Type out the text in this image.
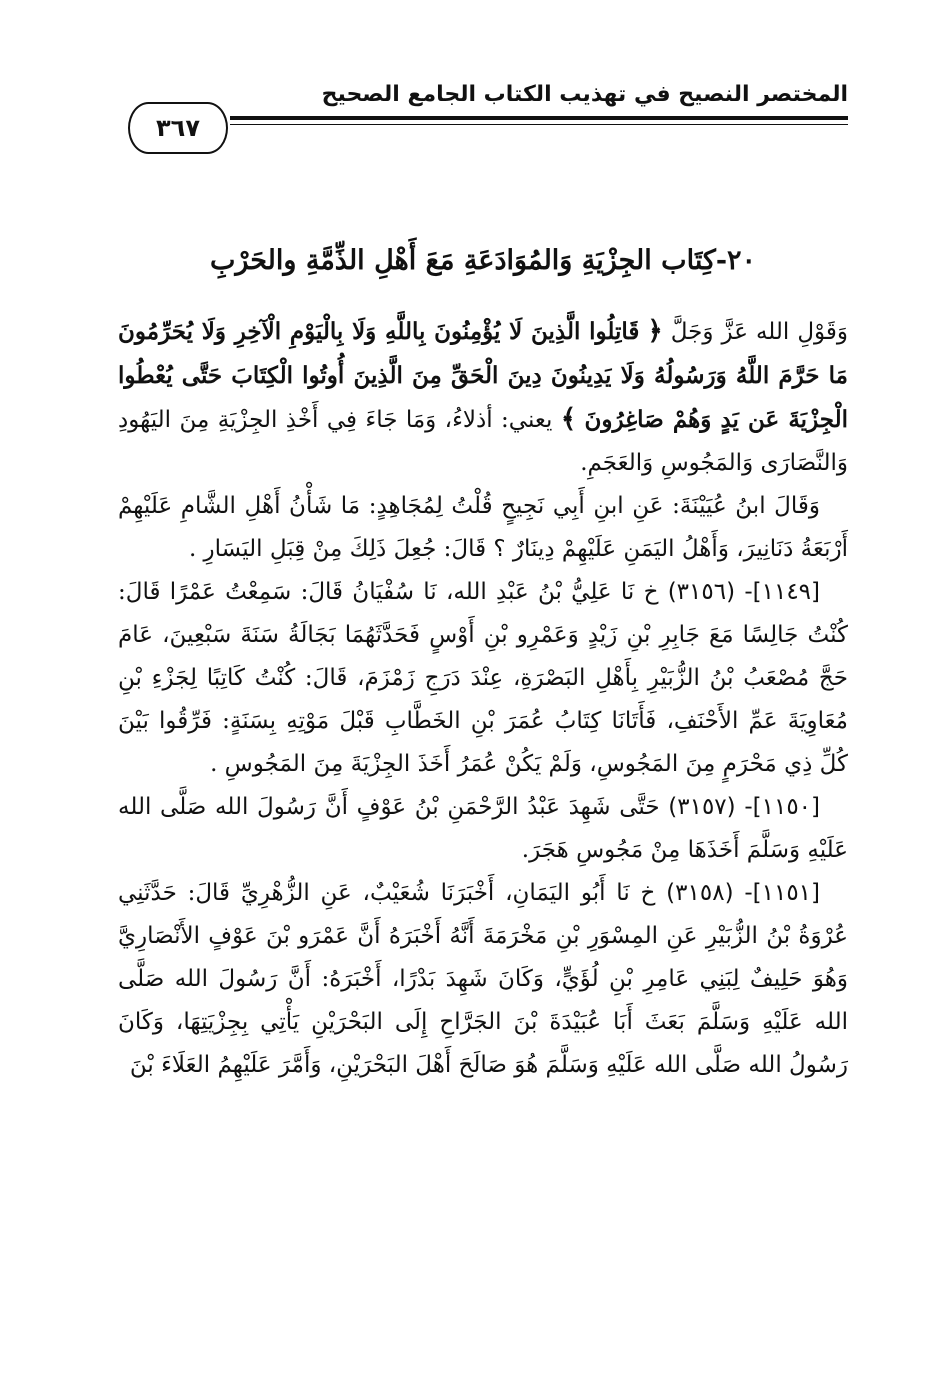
المختصر النصيح في تهذيب الكتاب الجامع الصحيح
٣٦٧
٢٠-كِتَاب الجِزْيَةِ وَالمُوَادَعَةِ مَعَ أَهْلِ الذِّمَّةِ والحَرْبِ

وَقَوْلِ الله عَزَّ وَجَلَّ ﴿ قَاتِلُوا الَّذِينَ لَا يُؤْمِنُونَ بِاللَّهِ وَلَا بِالْيَوْمِ الْآخِرِ وَلَا يُحَرِّمُونَ مَا حَرَّمَ اللَّهُ وَرَسُولُهُ وَلَا يَدِينُونَ دِينَ الْحَقِّ مِنَ الَّذِينَ أُوتُوا الْكِتَابَ حَتَّى يُعْطُوا الْجِزْيَةَ عَن يَدٍ وَهُمْ صَاغِرُونَ ﴾ يعني: أذلاءُ، وَمَا جَاءَ فِي أَخْذِ الجِزْيَةِ مِنَ اليَهُودِ وَالنَّصَارَى وَالمَجُوسِ وَالعَجَمِ.

وَقَالَ ابنُ عُيَيْنَةَ: عَنِ ابنِ أَبِي نَجِيحٍ قُلْتُ لِمُجَاهِدٍ: مَا شَأْنُ أَهْلِ الشَّامِ عَلَيْهِمْ أَرْبَعَةُ دَنَانِيرَ، وَأَهْلُ اليَمَنِ عَلَيْهِمْ دِينَارٌ ؟ قَالَ: جُعِلَ ذَلِكَ مِنْ قِبَلِ اليَسَارِ .

[١١٤٩]- (٣١٥٦) خ نَا عَلِيُّ بْنُ عَبْدِ الله، نَا سُفْيَانُ قَالَ: سَمِعْتُ عَمْرًا قَالَ: كُنْتُ جَالِسًا مَعَ جَابِرِ بْنِ زَيْدٍ وَعَمْرِو بْنِ أَوْسٍ فَحَدَّثَهُمَا بَجَالَةُ سَنَةَ سَبْعِينَ، عَامَ حَجَّ مُصْعَبُ بْنُ الزُّبَيْرِ بِأَهْلِ البَصْرَةِ، عِنْدَ دَرَجِ زَمْزَمَ، قَالَ: كُنْتُ كَاتِبًا لِجَزْءِ بْنِ مُعَاوِيَةَ عَمِّ الأَحْنَفِ، فَأَتَانَا كِتَابُ عُمَرَ بْنِ الخَطَّابِ قَبْلَ مَوْتِهِ بِسَنَةٍ: فَرِّقُوا بَيْنَ كُلِّ ذِي مَحْرَمٍ مِنَ المَجُوسِ، وَلَمْ يَكُنْ عُمَرُ أَخَذَ الجِزْيَةَ مِنَ المَجُوسِ .

[١١٥٠]- (٣١٥٧) حَتَّى شَهِدَ عَبْدُ الرَّحْمَنِ بْنُ عَوْفٍ أَنَّ رَسُولَ الله صَلَّى الله عَلَيْهِ وَسَلَّمَ أَخَذَهَا مِنْ مَجُوسِ هَجَرَ.

[١١٥١]- (٣١٥٨) خ نَا أَبُو اليَمَانِ، أَخْبَرَنَا شُعَيْبٌ، عَنِ الزُّهْرِيِّ قَالَ: حَدَّثَنِي عُرْوَةُ بْنُ الزُّبَيْرِ عَنِ المِسْوَرِ بْنِ مَخْرَمَةَ أَنَّهُ أَخْبَرَهُ أَنَّ عَمْرَو بْنَ عَوْفٍ الأَنْصَارِيَّ وَهُوَ حَلِيفٌ لِبَنِي عَامِرِ بْنِ لُؤَيٍّ، وَكَانَ شَهِدَ بَدْرًا، أَخْبَرَهُ: أَنَّ رَسُولَ الله صَلَّى الله عَلَيْهِ وَسَلَّمَ بَعَثَ أَبَا عُبَيْدَةَ بْنَ الجَرَّاحِ إِلَى البَحْرَيْنِ يَأْتِي بِجِزْيَتِهَا، وَكَانَ رَسُولُ الله صَلَّى الله عَلَيْهِ وَسَلَّمَ هُوَ صَالَحَ أَهْلَ البَحْرَيْنِ، وَأَمَّرَ عَلَيْهِمُ العَلَاءَ بْنَ
